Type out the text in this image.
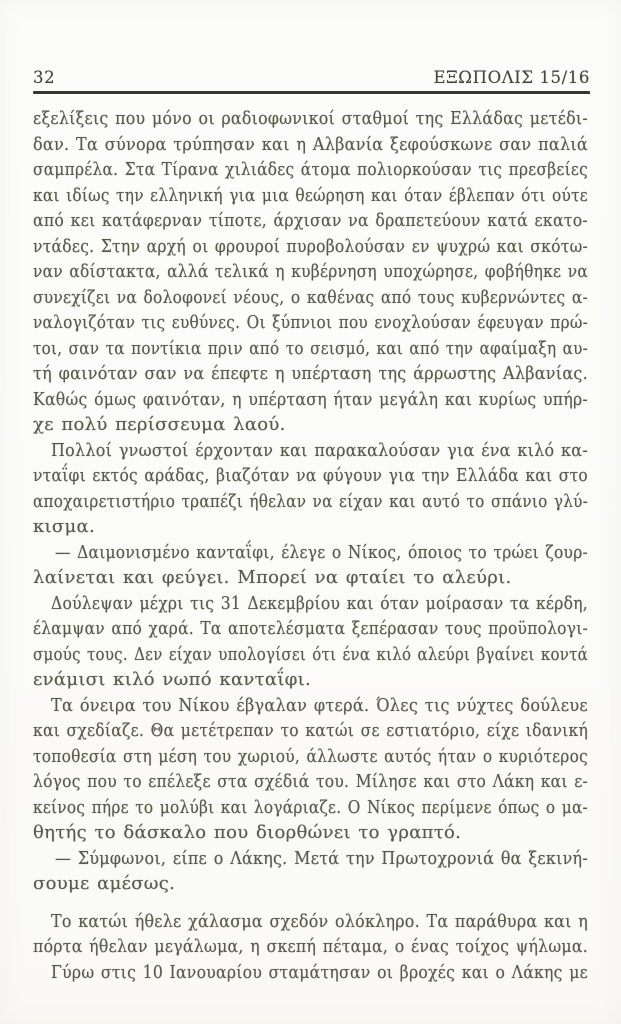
32	ΕΞΩΠΟΛΙΣ 15/16
εξελίξεις που μόνο οι ραδιοφωνικοί σταθμοί της Ελλάδας μετέδι-
δαν. Τα σύνορα τρύπησαν και η Αλβανία ξεφούσκωνε σαν παλιά
σαμπρέλα. Στα Τίρανα χιλιάδες άτομα πολιορκούσαν τις πρεσβείες
και ιδίως την ελληνική για μια θεώρηση και όταν έβλεπαν ότι ούτε
από κει κατάφερναν τίποτε, άρχισαν να δραπετεύουν κατά εκατο-
ντάδες. Στην αρχή οι φρουροί πυροβολούσαν εν ψυχρώ και σκότω-
ναν αδίστακτα, αλλά τελικά η κυβέρνηση υποχώρησε, φοβήθηκε να
συνεχίζει να δολοφονεί νέους, ο καθένας από τους κυβερνώντες α-
ναλογιζόταν τις ευθύνες. Οι ξύπνιοι που ενοχλούσαν έφευγαν πρώ-
τοι, σαν τα ποντίκια πριν από το σεισμό, και από την αφαίμαξη αυ-
τή φαινόταν σαν να έπεφτε η υπέρταση της άρρωστης Αλβανίας.
Καθώς όμως φαινόταν, η υπέρταση ήταν μεγάλη και κυρίως υπήρ-
χε πολύ περίσσευμα λαού.
Πολλοί γνωστοί έρχονταν και παρακαλούσαν για ένα κιλό κα-
νταΐφι εκτός αράδας, βιαζόταν να φύγουν για την Ελλάδα και στο
αποχαιρετιστήριο τραπέζι ήθελαν να είχαν και αυτό το σπάνιο γλύ-
κισμα.
— Δαιμονισμένο κανταΐφι, έλεγε ο Νίκος, όποιος το τρώει ζουρ-
λαίνεται και φεύγει. Μπορεί να φταίει το αλεύρι.
Δούλεψαν μέχρι τις 31 Δεκεμβρίου και όταν μοίρασαν τα κέρδη,
έλαμψαν από χαρά. Τα αποτελέσματα ξεπέρασαν τους προϋπολογι-
σμούς τους. Δεν είχαν υπολογίσει ότι ένα κιλό αλεύρι βγαίνει κοντά
ενάμισι κιλό νωπό κανταΐφι.
Τα όνειρα του Νίκου έβγαλαν φτερά. Όλες τις νύχτες δούλευε
και σχεδίαζε. Θα μετέτρεπαν το κατώι σε εστιατόριο, είχε ιδανική
τοποθεσία στη μέση του χωριού, άλλωστε αυτός ήταν ο κυριότερος
λόγος που το επέλεξε στα σχέδιά του. Μίλησε και στο Λάκη και ε-
κείνος πήρε το μολύβι και λογάριαζε. Ο Νίκος περίμενε όπως ο μα-
θητής το δάσκαλο που διορθώνει το γραπτό.
— Σύμφωνοι, είπε ο Λάκης. Μετά την Πρωτοχρονιά θα ξεκινή-
σουμε αμέσως.
Το κατώι ήθελε χάλασμα σχεδόν ολόκληρο. Τα παράθυρα και η
πόρτα ήθελαν μεγάλωμα, η σκεπή πέταμα, ο ένας τοίχος ψήλωμα.
Γύρω στις 10 Ιανουαρίου σταμάτησαν οι βροχές και ο Λάκης με
